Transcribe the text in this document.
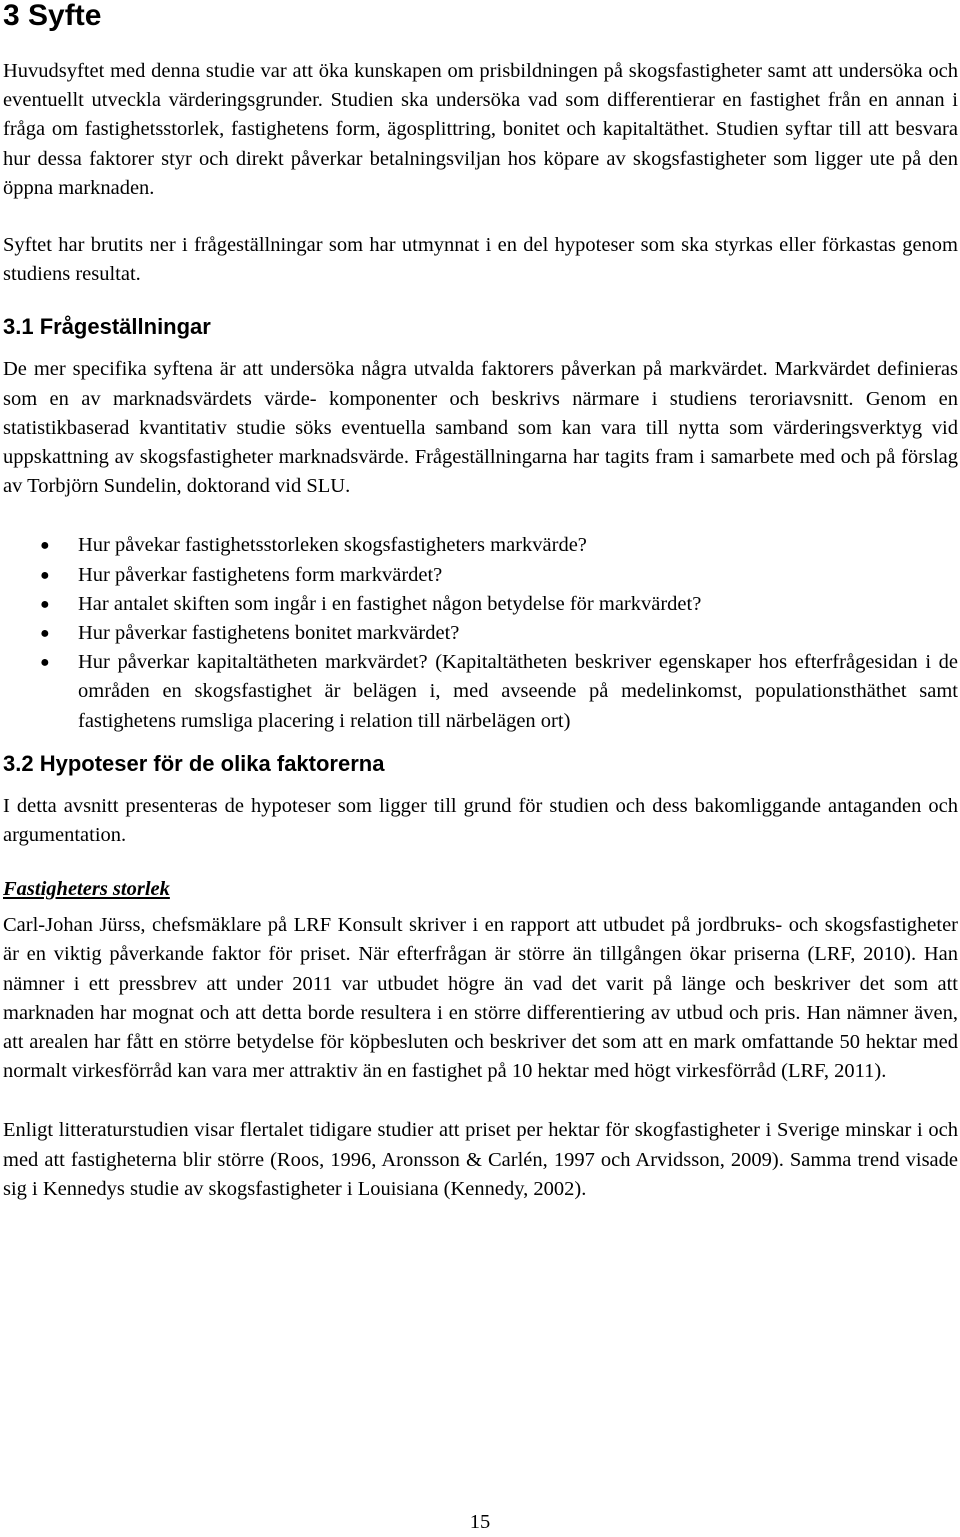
3 Syfte

Huvudsyftet med denna studie var att öka kunskapen om prisbildningen på skogsfastigheter samt att undersöka och eventuellt utveckla värderingsgrunder. Studien ska undersöka vad som differentierar en fastighet från en annan i fråga om fastighetsstorlek, fastighetens form, ägosplittring, bonitet och kapitaltäthet. Studien syftar till att besvara hur dessa faktorer styr och direkt påverkar betalningsviljan hos köpare av skogsfastigheter som ligger ute på den öppna marknaden.

Syftet har brutits ner i frågeställningar som har utmynnat i en del hypoteser som ska styrkas eller förkastas genom studiens resultat.

3.1 Frågeställningar

De mer specifika syftena är att undersöka några utvalda faktorers påverkan på markvärdet. Markvärdet definieras som en av marknadsvärdets värde- komponenter och beskrivs närmare i studiens teroriavsnitt. Genom en statistikbaserad kvantitativ studie söks eventuella samband som kan vara till nytta som värderingsverktyg vid uppskattning av skogsfastigheter marknadsvärde. Frågeställningarna har tagits fram i samarbete med och på förslag av Torbjörn Sundelin, doktorand vid SLU.

● Hur påvekar fastighetsstorleken skogsfastigheters markvärde?
● Hur påverkar fastighetens form markvärdet?
● Har antalet skiften som ingår i en fastighet någon betydelse för markvärdet?
● Hur påverkar fastighetens bonitet markvärdet?
● Hur påverkar kapitaltätheten markvärdet? (Kapitaltätheten beskriver egenskaper hos efterfrågesidan i de områden en skogsfastighet är belägen i, med avseende på medelinkomst, populationsthäthet samt fastighetens rumsliga placering i relation till närbelägen ort)
3.2 Hypoteser för de olika faktorerna

I detta avsnitt presenteras de hypoteser som ligger till grund för studien och dess bakomliggande antaganden och argumentation.

Fastigheters storlek

Carl-Johan Jürss, chefsmäklare på LRF Konsult skriver i en rapport att utbudet på jordbruks- och skogsfastigheter är en viktig påverkande faktor för priset. När efterfrågan är större än tillgången ökar priserna (LRF, 2010). Han nämner i ett pressbrev att under 2011 var utbudet högre än vad det varit på länge och beskriver det som att marknaden har mognat och att detta borde resultera i en större differentiering av utbud och pris. Han nämner även, att arealen har fått en större betydelse för köpbesluten och beskriver det som att en mark omfattande 50 hektar med normalt virkesförråd kan vara mer attraktiv än en fastighet på 10 hektar med högt virkesförråd (LRF, 2011).

Enligt litteraturstudien visar flertalet tidigare studier att priset per hektar för skogfastigheter i Sverige minskar i och med att fastigheterna blir större (Roos, 1996, Aronsson & Carlén, 1997 och Arvidsson, 2009). Samma trend visade sig i Kennedys studie av skogsfastigheter i Louisiana (Kennedy, 2002).

15
